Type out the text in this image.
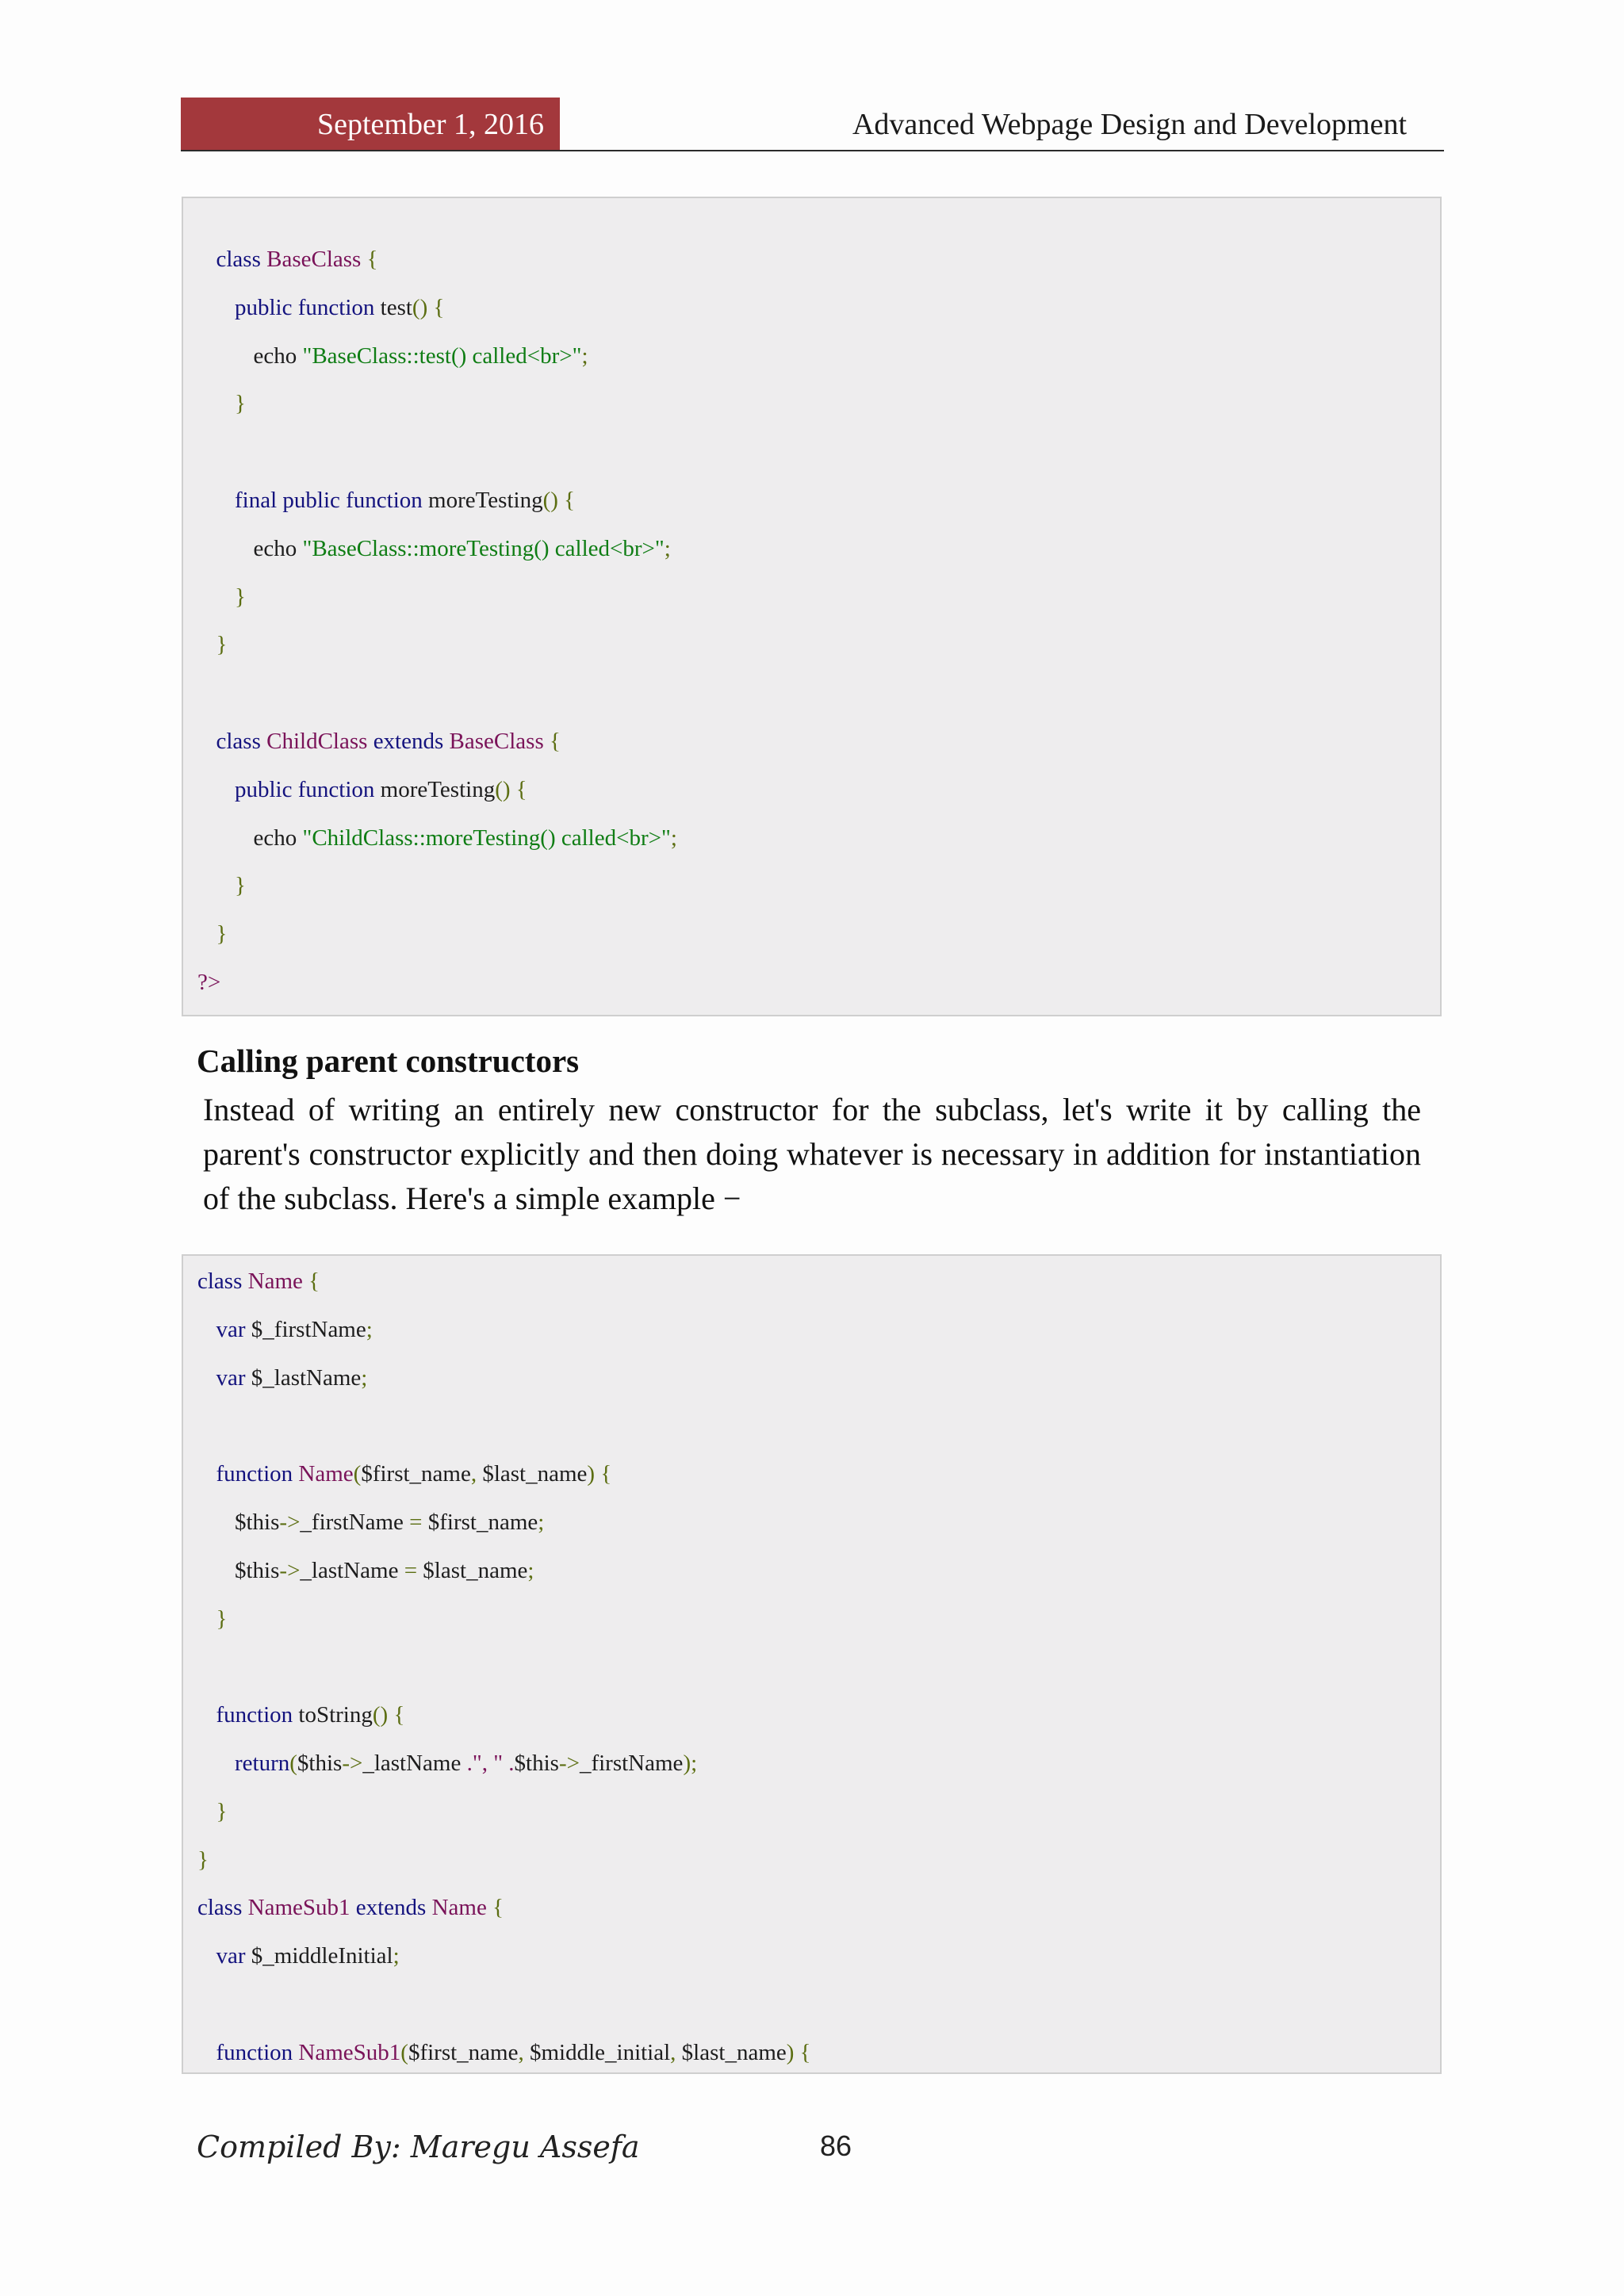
September 1, 2016	Advanced Webpage Design and Development
class BaseClass {
public function test() {
echo "BaseClass::test() called<br>";
}
final public function moreTesting() {
echo "BaseClass::moreTesting() called<br>";
}
}
class ChildClass extends BaseClass {
public function moreTesting() {
echo "ChildClass::moreTesting() called<br>";
}
}
?>
Calling parent constructors
Instead of writing an entirely new constructor for the subclass, let's write it by calling the parent's constructor explicitly and then doing whatever is necessary in addition for instantiation of the subclass. Here's a simple example −
class Name {
var $_firstName;
var $_lastName;
function Name($first_name, $last_name) {
$this->_firstName = $first_name;
$this->_lastName = $last_name;
}
function toString() {
return($this->_lastName .", " .$this->_firstName);
}
}
class NameSub1 extends Name {
var $_middleInitial;
function NameSub1($first_name, $middle_initial, $last_name) {
Compiled By: Maregu Assefa	86
